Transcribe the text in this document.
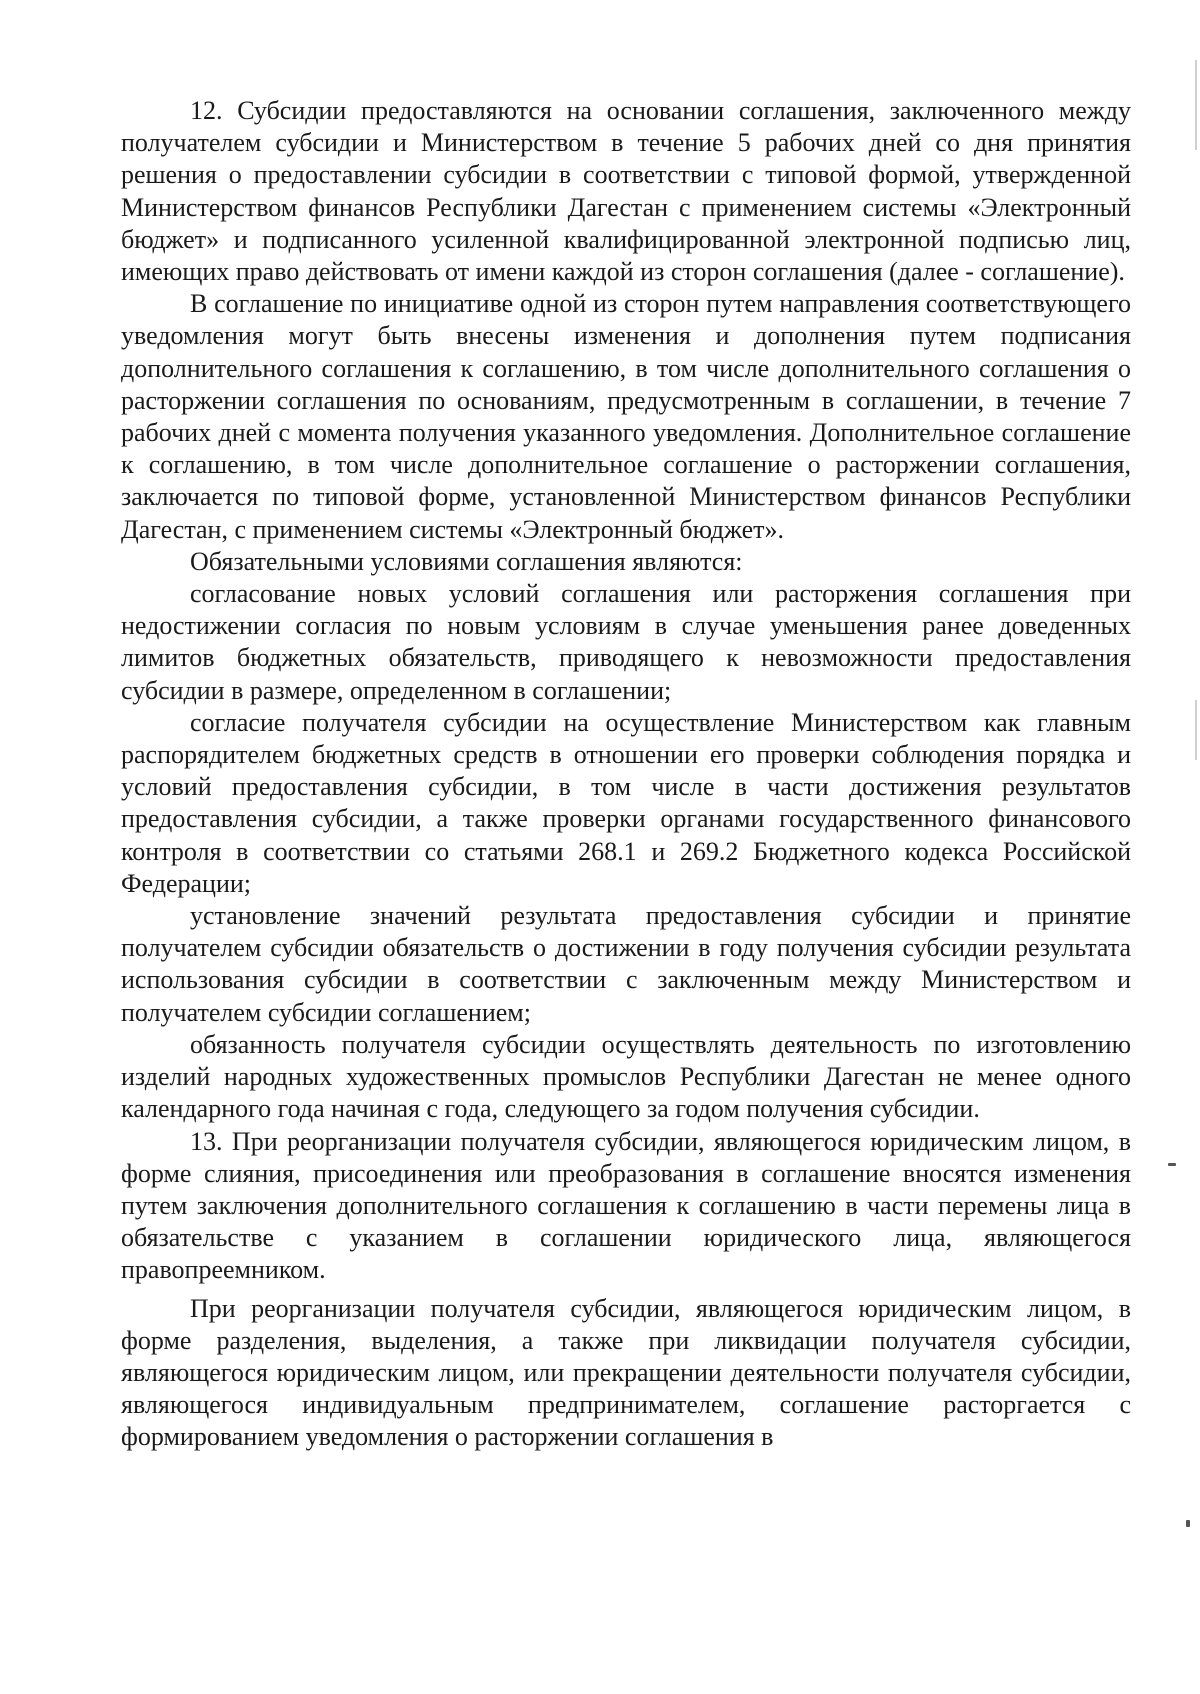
12. Субсидии предоставляются на основании соглашения, заключенного между получателем субсидии и Министерством в течение 5 рабочих дней со дня принятия решения о предоставлении субсидии в соответствии с типовой формой, утвержденной Министерством финансов Республики Дагестан с применением системы «Электронный бюджет» и подписанного усиленной квалифицированной электронной подписью лиц, имеющих право действовать от имени каждой из сторон соглашения (далее - соглашение).

В соглашение по инициативе одной из сторон путем направления соответствующего уведомления могут быть внесены изменения и дополнения путем подписания дополнительного соглашения к соглашению, в том числе дополнительного соглашения о расторжении соглашения по основаниям, предусмотренным в соглашении, в течение 7 рабочих дней с момента получения указанного уведомления. Дополнительное соглашение к соглашению, в том числе дополнительное соглашение о расторжении соглашения, заключается по типовой форме, установленной Министерством финансов Республики Дагестан, с применением системы «Электронный бюджет».

Обязательными условиями соглашения являются:

согласование новых условий соглашения или расторжения соглашения при недостижении согласия по новым условиям в случае уменьшения ранее доведенных лимитов бюджетных обязательств, приводящего к невозможности предоставления субсидии в размере, определенном в соглашении;

согласие получателя субсидии на осуществление Министерством как главным распорядителем бюджетных средств в отношении его проверки соблюдения порядка и условий предоставления субсидии, в том числе в части достижения результатов предоставления субсидии, а также проверки органами государственного финансового контроля в соответствии со статьями 268.1 и 269.2 Бюджетного кодекса Российской Федерации;

установление значений результата предоставления субсидии и принятие получателем субсидии обязательств о достижении в году получения субсидии результата использования субсидии в соответствии с заключенным между Министерством и получателем субсидии соглашением;

обязанность получателя субсидии осуществлять деятельность по изготовлению изделий народных художественных промыслов Республики Дагестан не менее одного календарного года начиная с года, следующего за годом получения субсидии.

13. При реорганизации получателя субсидии, являющегося юридическим лицом, в форме слияния, присоединения или преобразования в соглашение вносятся изменения путем заключения дополнительного соглашения к соглашению в части перемены лица в обязательстве с указанием в соглашении юридического лица, являющегося правопреемником.

При реорганизации получателя субсидии, являющегося юридическим лицом, в форме разделения, выделения, а также при ликвидации получателя субсидии, являющегося юридическим лицом, или прекращении деятельности получателя субсидии, являющегося индивидуальным предпринимателем, соглашение расторгается с формированием уведомления о расторжении соглашения в
